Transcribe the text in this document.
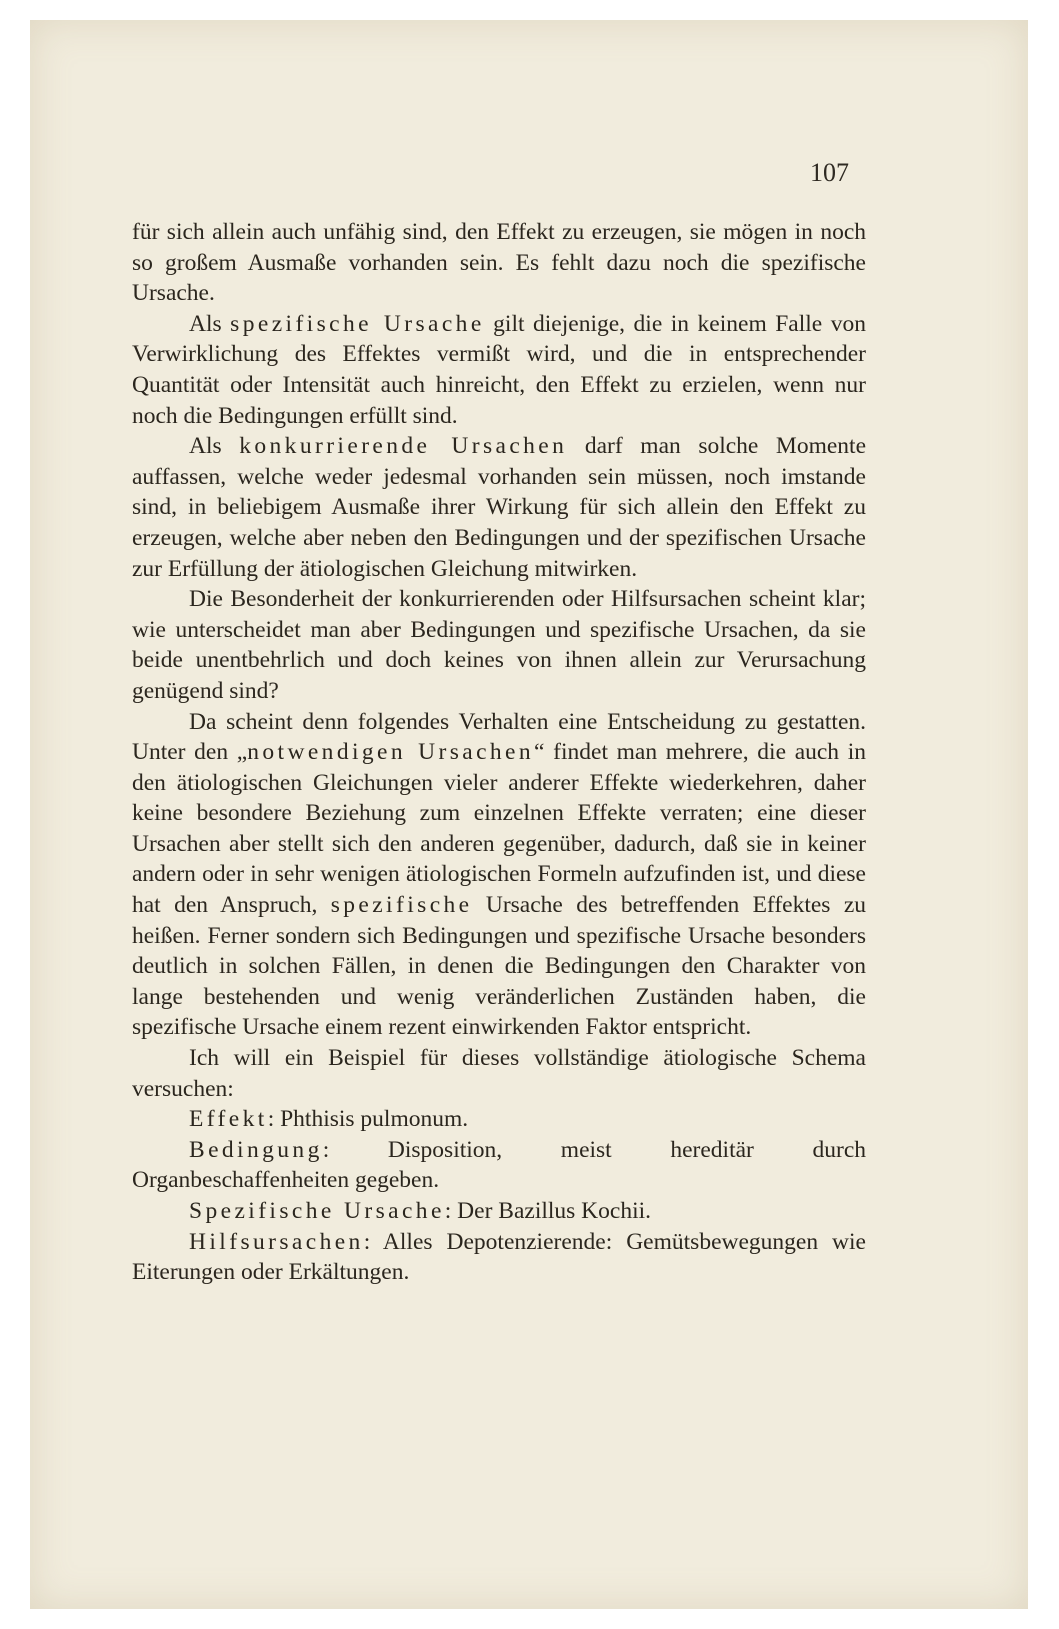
107

für sich allein auch unfähig sind, den Effekt zu erzeugen, sie mögen in noch so großem Ausmaße vorhanden sein. Es fehlt dazu noch die spezifische Ursache.

Als spezifische Ursache gilt diejenige, die in keinem Falle von Verwirklichung des Effektes vermißt wird, und die in entsprechender Quantität oder Intensität auch hinreicht, den Effekt zu erzielen, wenn nur noch die Bedingungen erfüllt sind.

Als konkurrierende Ursachen darf man solche Momente auffassen, welche weder jedesmal vorhanden sein müssen, noch imstande sind, in beliebigem Ausmaße ihrer Wirkung für sich allein den Effekt zu erzeugen, welche aber neben den Bedingungen und der spezifischen Ursache zur Erfüllung der ätiologischen Gleichung mitwirken.

Die Besonderheit der konkurrierenden oder Hilfsursachen scheint klar; wie unterscheidet man aber Bedingungen und spezifische Ursachen, da sie beide unentbehrlich und doch keines von ihnen allein zur Verursachung genügend sind?

Da scheint denn folgendes Verhalten eine Entscheidung zu gestatten. Unter den „notwendigen Ursachen“ findet man mehrere, die auch in den ätiologischen Gleichungen vieler anderer Effekte wiederkehren, daher keine besondere Beziehung zum einzelnen Effekte verraten; eine dieser Ursachen aber stellt sich den anderen gegenüber, dadurch, daß sie in keiner andern oder in sehr wenigen ätiologischen Formeln aufzufinden ist, und diese hat den Anspruch, spezifische Ursache des betreffenden Effektes zu heißen. Ferner sondern sich Bedingungen und spezifische Ursache besonders deutlich in solchen Fällen, in denen die Bedingungen den Charakter von lange bestehenden und wenig veränderlichen Zuständen haben, die spezifische Ursache einem rezent einwirkenden Faktor entspricht.

Ich will ein Beispiel für dieses vollständige ätiologische Schema versuchen:

Effekt: Phthisis pulmonum.

Bedingung: Disposition, meist hereditär durch Organbeschaffenheiten gegeben.

Spezifische Ursache: Der Bazillus Kochii.

Hilfsursachen: Alles Depotenzierende: Gemütsbewegungen wie Eiterungen oder Erkältungen.
